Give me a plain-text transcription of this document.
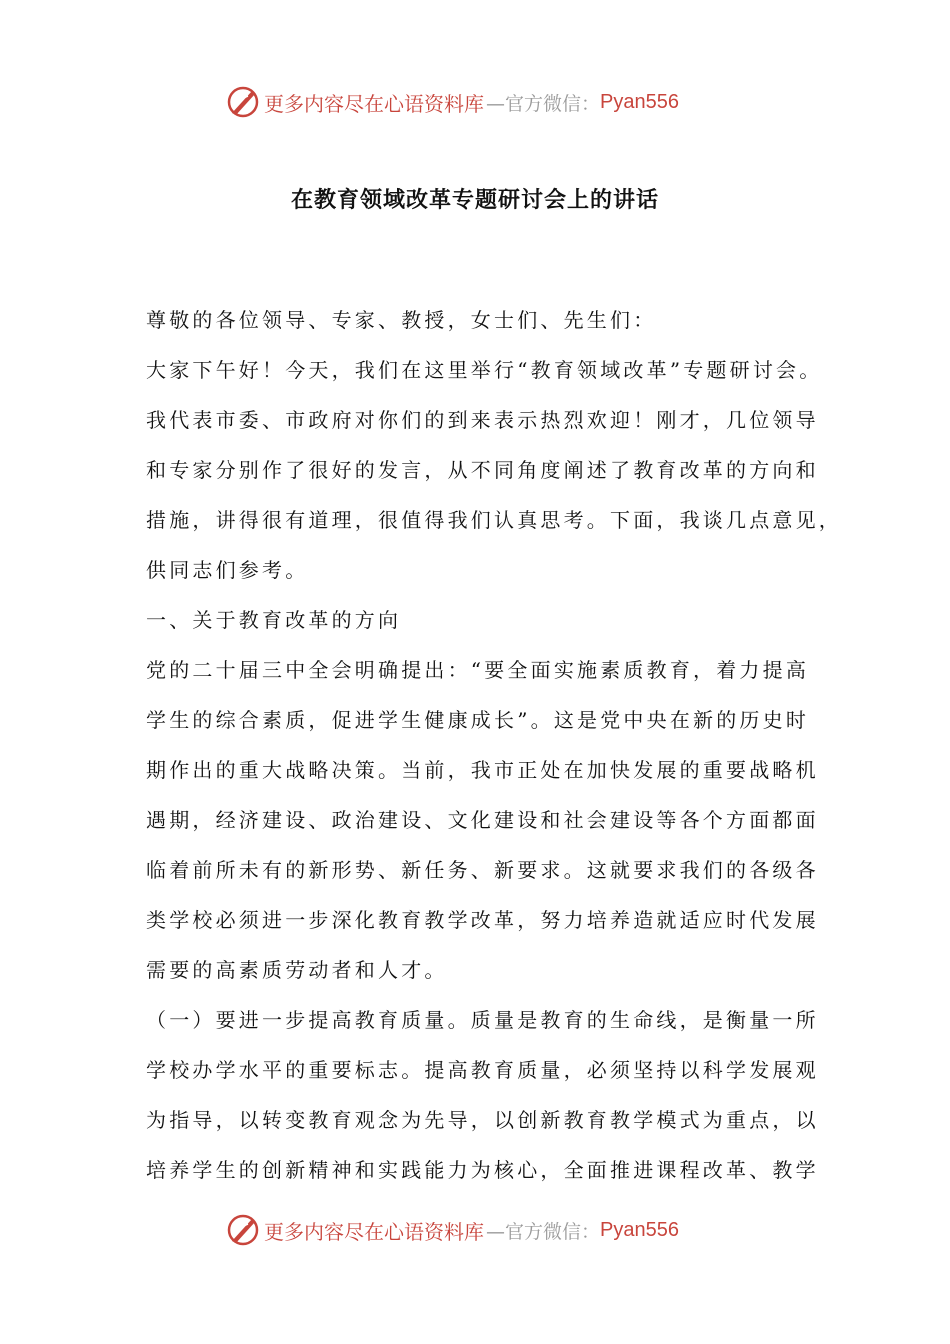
更多内容尽在心语资料库 —官方微信： Pyan556
在教育领域改革专题研讨会上的讲话
尊敬的各位领导、专家、教授，女士们、先生们：
大家下午好！今天，我们在这里举行“教育领域改革”专题研讨会。
我代表市委、市政府对你们的到来表示热烈欢迎！刚才，几位领导
和专家分别作了很好的发言，从不同角度阐述了教育改革的方向和
措施，讲得很有道理，很值得我们认真思考。下面，我谈几点意见，
供同志们参考。
一、关于教育改革的方向
党的二十届三中全会明确提出：“要全面实施素质教育，着力提高
学生的综合素质，促进学生健康成长”。这是党中央在新的历史时
期作出的重大战略决策。当前，我市正处在加快发展的重要战略机
遇期，经济建设、政治建设、文化建设和社会建设等各个方面都面
临着前所未有的新形势、新任务、新要求。这就要求我们的各级各
类学校必须进一步深化教育教学改革，努力培养造就适应时代发展
需要的高素质劳动者和人才。
（一）要进一步提高教育质量。质量是教育的生命线，是衡量一所
学校办学水平的重要标志。提高教育质量，必须坚持以科学发展观
为指导，以转变教育观念为先导，以创新教育教学模式为重点，以
培养学生的创新精神和实践能力为核心，全面推进课程改革、教学
更多内容尽在心语资料库 —官方微信： Pyan556
